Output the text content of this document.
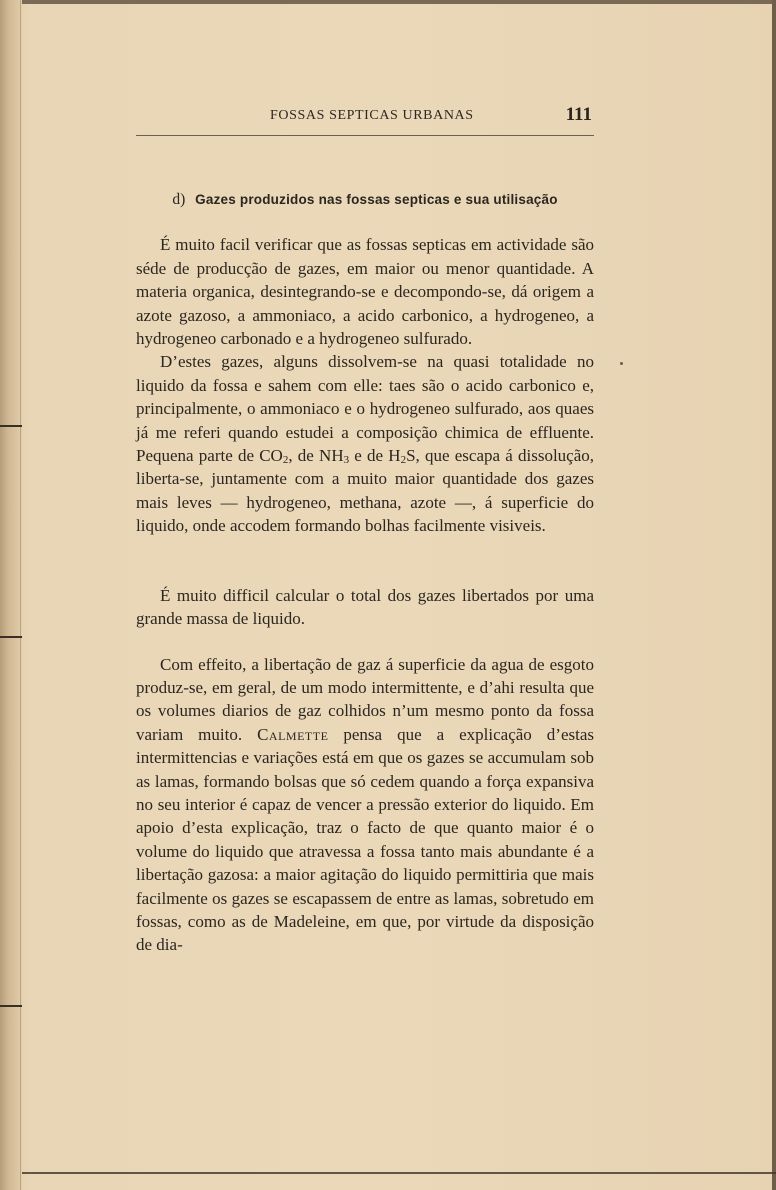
FOSSAS SEPTICAS URBANAS	111
d) Gazes produzidos nas fossas septicas e sua utilisação

É muito facil verificar que as fossas septicas em actividade são séde de producção de gazes, em maior ou menor quantidade. A materia organica, desintegrando-se e decompondo-se, dá origem a azote gazoso, a ammoniaco, a acido carbonico, a hydrogeneo, a hydrogeneo carbonado e a hydrogeneo sulfurado.

D’estes gazes, alguns dissolvem-se na quasi totalidade no liquido da fossa e sahem com elle: taes são o acido carbonico e, principalmente, o ammoniaco e o hydrogeneo sulfurado, aos quaes já me referi quando estudei a composição chimica de effluente. Pequena parte de $CO_2$, de $NH_3$ e de $H_2S$, que escapa á dissolução, liberta-se, juntamente com a muito maior quantidade dos gazes mais leves — hydrogeneo, methana, azote —, á superficie do liquido, onde accodem formando bolhas facilmente visiveis.

É muito difficil calcular o total dos gazes libertados por uma grande massa de liquido.

Com effeito, a libertação de gaz á superficie da agua de esgoto produz-se, em geral, de um modo intermittente, e d’ahi resulta que os volumes diarios de gaz colhidos n’um mesmo ponto da fossa variam muito. Calmette pensa que a explicação d’estas intermittencias e variações está em que os gazes se accumulam sob as lamas, formando bolsas que só cedem quando a força expansiva no seu interior é capaz de vencer a pressão exterior do liquido. Em apoio d’esta explicação, traz o facto de que quanto maior é o volume do liquido que atravessa a fossa tanto mais abundante é a libertação gazosa: a maior agitação do liquido permittiria que mais facilmente os gazes se escapassem de entre as lamas, sobretudo em fossas, como as de Madeleine, em que, por virtude da disposição de dia-
